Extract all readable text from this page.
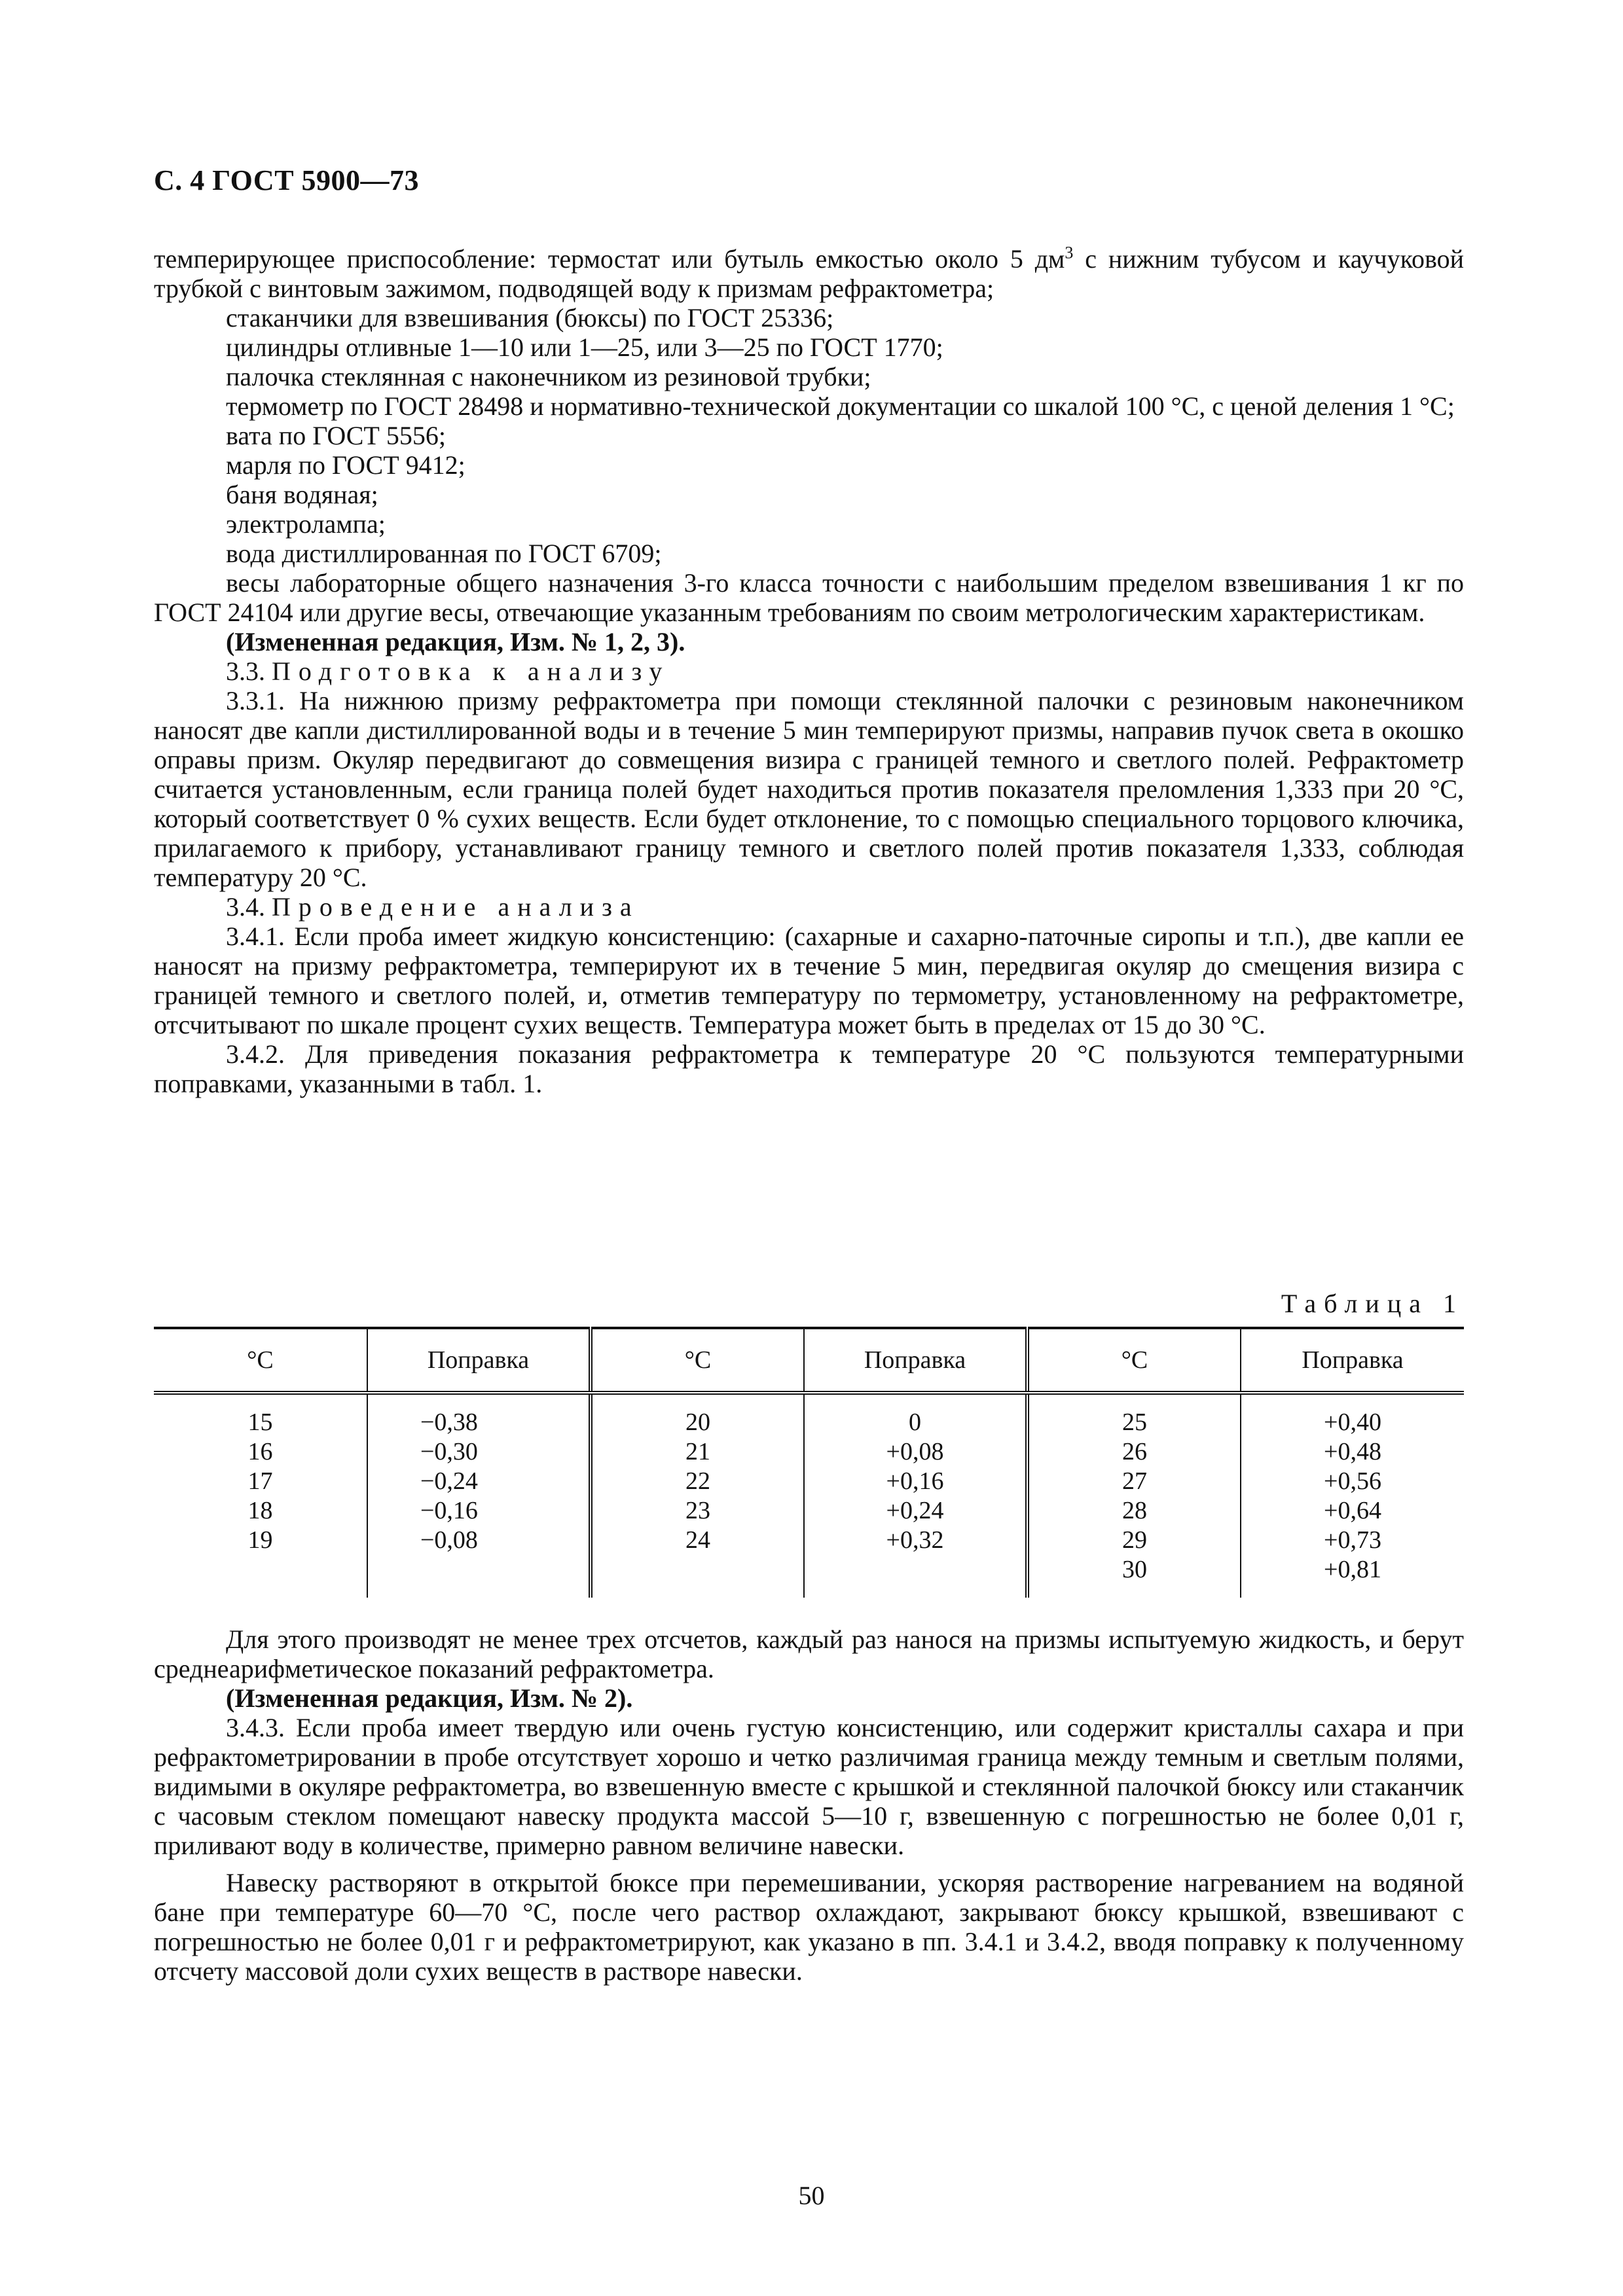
С. 4 ГОСТ 5900—73

темперирующее приспособление: термостат или бутыль емкостью около 5 $дм^3$ с нижним тубусом и каучуковой трубкой с винтовым зажимом, подводящей воду к призмам рефрактометра;

стаканчики для взвешивания (бюксы) по ГОСТ 25336;

цилиндры отливные 1—10 или 1—25, или 3—25 по ГОСТ 1770;

палочка стеклянная с наконечником из резиновой трубки;

термометр по ГОСТ 28498 и нормативно-технической документации со шкалой 100 °С, с ценой деления 1 °С;

вата по ГОСТ 5556;

марля по ГОСТ 9412;

баня водяная;

электролампа;

вода дистиллированная по ГОСТ 6709;

весы лабораторные общего назначения 3-го класса точности с наибольшим пределом взвешивания 1 кг по ГОСТ 24104 или другие весы, отвечающие указанным требованиям по своим метрологическим характеристикам.

(Измененная редакция, Изм. № 1, 2, 3).

3.3. Подготовка к анализу

3.3.1. На нижнюю призму рефрактометра при помощи стеклянной палочки с резиновым наконечником наносят две капли дистиллированной воды и в течение 5 мин темперируют призмы, направив пучок света в окошко оправы призм. Окуляр передвигают до совмещения визира с границей темного и светлого полей. Рефрактометр считается установленным, если граница полей будет находиться против показателя преломления 1,333 при 20 °С, который соответствует 0 % сухих веществ. Если будет отклонение, то с помощью специального торцового ключика, прилагаемого к прибору, устанавливают границу темного и светлого полей против показателя 1,333, соблюдая температуру 20 °С.

3.4. Проведение анализа

3.4.1. Если проба имеет жидкую консистенцию: (сахарные и сахарно-паточные сиропы и т.п.), две капли ее наносят на призму рефрактометра, темперируют их в течение 5 мин, передвигая окуляр до смещения визира с границей темного и светлого полей, и, отметив температуру по термометру, установленному на рефрактометре, отсчитывают по шкале процент сухих веществ. Температура может быть в пределах от 15 до 30 °С.

3.4.2. Для приведения показания рефрактометра к температуре 20 °С пользуются температурными поправками, указанными в табл. 1.

Таблица 1
°С	Поправка	°С	Поправка	°С	Поправка
15	−0,38	20	0	25	+0,40
16	−0,30	21	+0,08	26	+0,48
17	−0,24	22	+0,16	27	+0,56
18	−0,16	23	+0,24	28	+0,64
19	−0,08	24	+0,32	29	+0,73
				30	+0,81

Для этого производят не менее трех отсчетов, каждый раз нанося на призмы испытуемую жидкость, и берут среднеарифметическое показаний рефрактометра.

(Измененная редакция, Изм. № 2).

3.4.3. Если проба имеет твердую или очень густую консистенцию, или содержит кристаллы сахара и при рефрактометрировании в пробе отсутствует хорошо и четко различимая граница между темным и светлым полями, видимыми в окуляре рефрактометра, во взвешенную вместе с крышкой и стеклянной палочкой бюксу или стаканчик с часовым стеклом помещают навеску продукта массой 5—10 г, взвешенную с погрешностью не более 0,01 г, приливают воду в количестве, примерно равном величине навески.

Навеску растворяют в открытой бюксе при перемешивании, ускоряя растворение нагреванием на водяной бане при температуре 60—70 °С, после чего раствор охлаждают, закрывают бюксу крышкой, взвешивают с погрешностью не более 0,01 г и рефрактометрируют, как указано в пп. 3.4.1 и 3.4.2, вводя поправку к полученному отсчету массовой доли сухих веществ в растворе навески.

50
